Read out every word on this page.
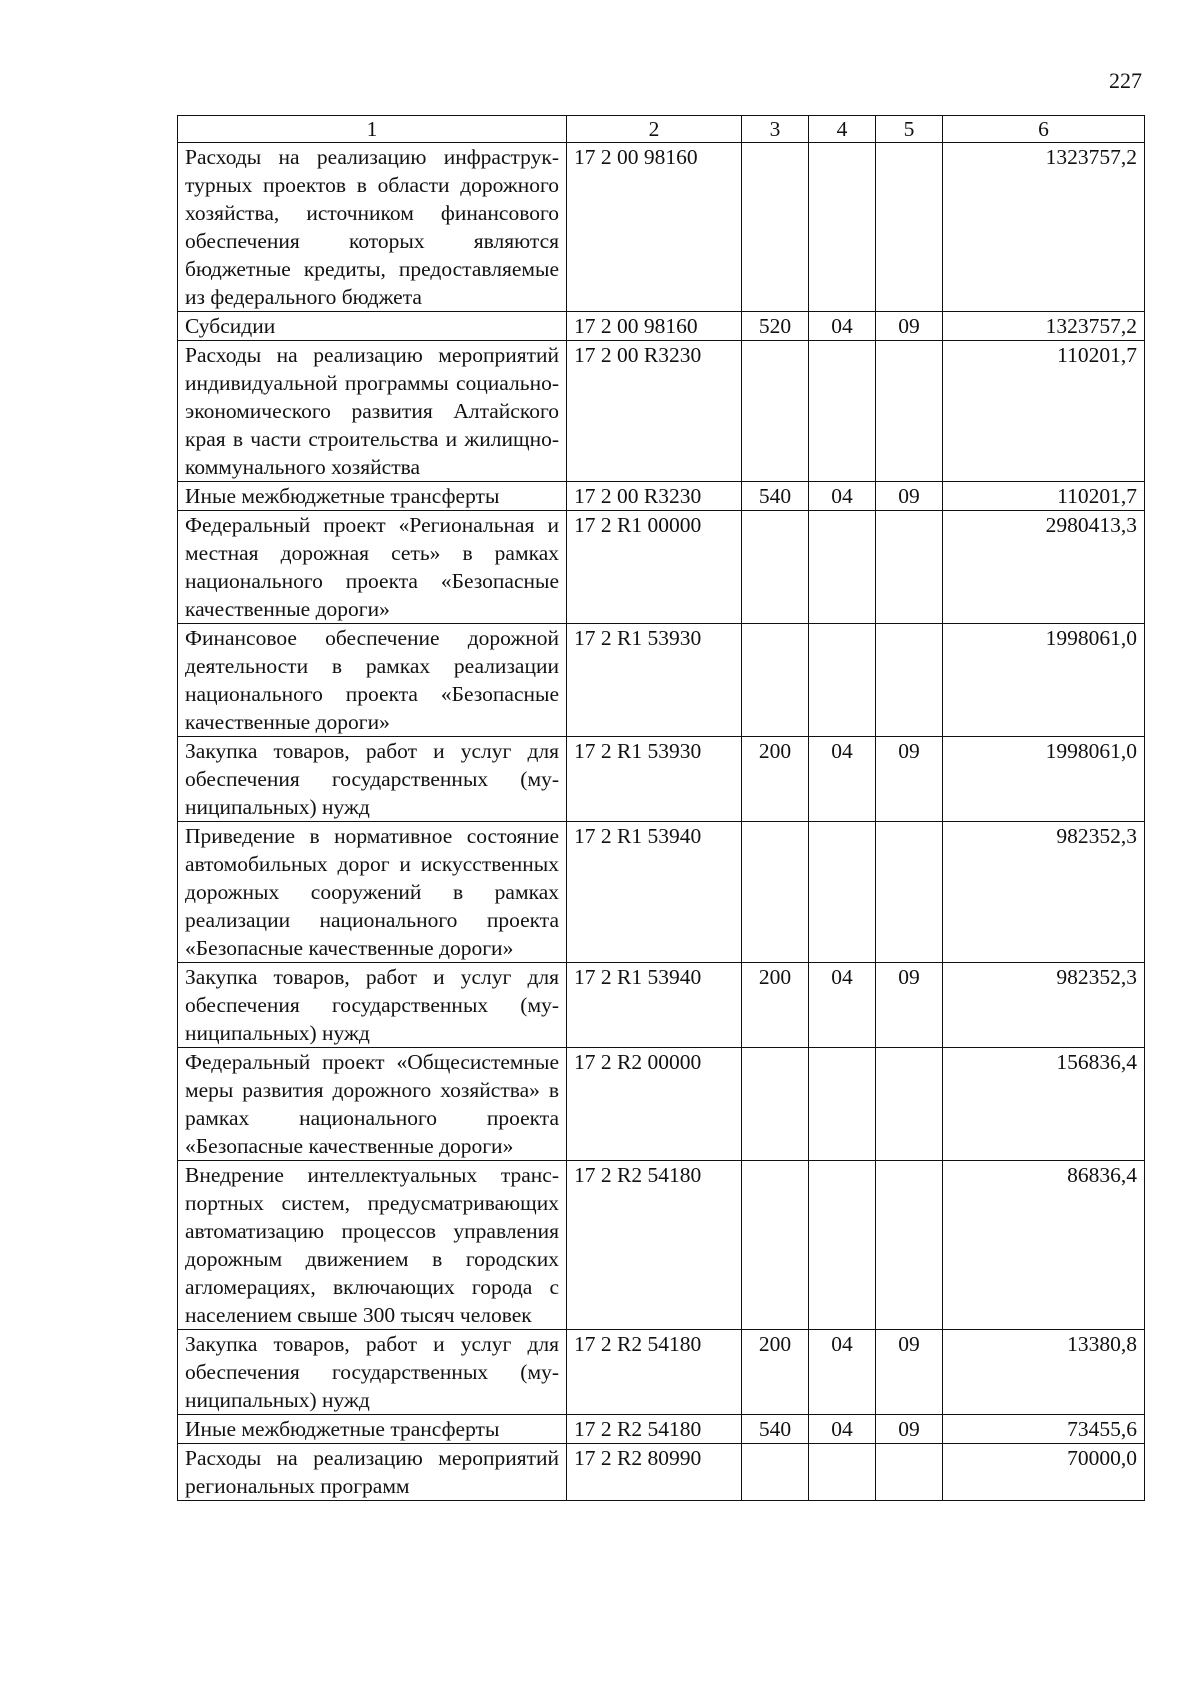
227
1	2	3	4	5	6
Расходы на реализацию инфраструктурных проектов в области дорожного хозяйства, источником финансового обеспечения которых являются бюджетные кредиты, предоставляемые из федерального бюджета	17 2 00 98160				1323757,2
Субсидии	17 2 00 98160	520	04	09	1323757,2
Расходы на реализацию мероприятий индивидуальной программы социально-экономического развития Алтайского края в части строительства и жилищно-коммунального хозяйства	17 2 00 R3230				110201,7
Иные межбюджетные трансферты	17 2 00 R3230	540	04	09	110201,7
Федеральный проект «Региональная и местная дорожная сеть» в рамках национального проекта «Безопасные качественные дороги»	17 2 R1 00000				2980413,3
Финансовое обеспечение дорожной деятельности в рамках реализации национального проекта «Безопасные качественные дороги»	17 2 R1 53930				1998061,0
Закупка товаров, работ и услуг для обеспечения государственных (муниципальных) нужд	17 2 R1 53930	200	04	09	1998061,0
Приведение в нормативное состояние автомобильных дорог и искусственных дорожных сооружений в рамках реализации национального проекта «Безопасные качественные дороги»	17 2 R1 53940				982352,3
Закупка товаров, работ и услуг для обеспечения государственных (муниципальных) нужд	17 2 R1 53940	200	04	09	982352,3
Федеральный проект «Общесистемные меры развития дорожного хозяйства» в рамках национального проекта «Безопасные качественные дороги»	17 2 R2 00000				156836,4
Внедрение интеллектуальных транспортных систем, предусматривающих автоматизацию процессов управления дорожным движением в городских агломерациях, включающих города с населением свыше 300 тысяч человек	17 2 R2 54180				86836,4
Закупка товаров, работ и услуг для обеспечения государственных (муниципальных) нужд	17 2 R2 54180	200	04	09	13380,8
Иные межбюджетные трансферты	17 2 R2 54180	540	04	09	73455,6
Расходы на реализацию мероприятий региональных программ	17 2 R2 80990				70000,0
